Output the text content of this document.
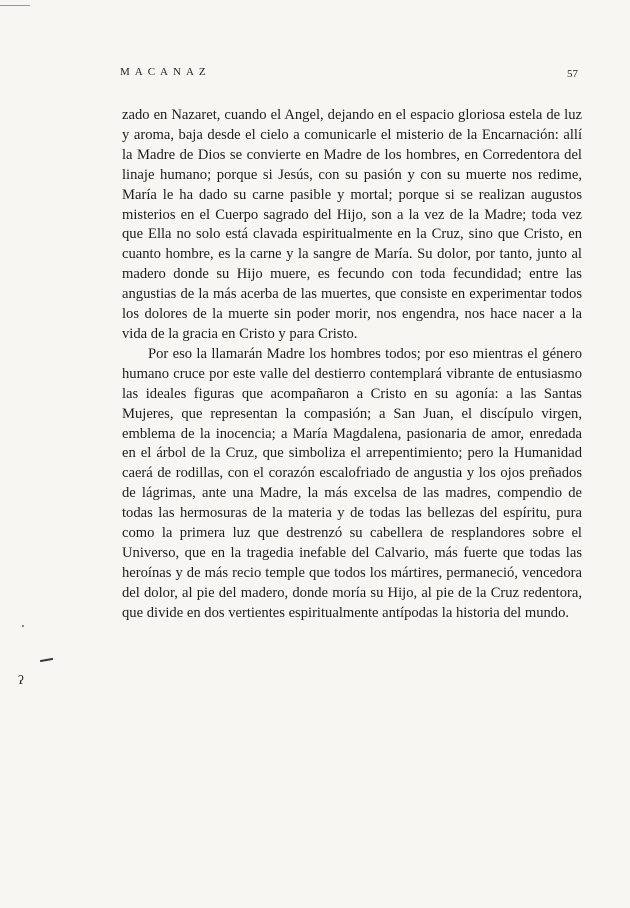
MACANAZ	57

zado en Nazaret, cuando el Angel, dejando en el espacio gloriosa estela de luz y aroma, baja desde el cielo a comunicarle el misterio de la Encarnación: allí la Madre de Dios se convierte en Madre de los hombres, en Corredentora del linaje humano; porque si Jesús, con su pasión y con su muerte nos redime, María le ha dado su carne pasible y mortal; porque si se realizan augustos misterios en el Cuerpo sagrado del Hijo, son a la vez de la Madre; toda vez que Ella no solo está clavada espiritualmente en la Cruz, sino que Cristo, en cuanto hombre, es la carne y la sangre de María. Su dolor, por tanto, junto al madero donde su Hijo muere, es fecundo con toda fecundidad; entre las angustias de la más acerba de las muertes, que consiste en experimentar todos los dolores de la muerte sin poder morir, nos engendra, nos hace nacer a la vida de la gracia en Cristo y para Cristo.

Por eso la llamarán Madre los hombres todos; por eso mientras el género humano cruce por este valle del destierro contemplará vibrante de entusiasmo las ideales figuras que acompañaron a Cristo en su agonía: a las Santas Mujeres, que representan la compasión; a San Juan, el discípulo virgen, emblema de la inocencia; a María Magdalena, pasionaria de amor, enredada en el árbol de la Cruz, que simboliza el arrepentimiento; pero la Humanidad caerá de rodillas, con el corazón escalofriado de angustia y los ojos preñados de lágrimas, ante una Madre, la más excelsa de las madres, compendio de todas las hermosuras de la materia y de todas las bellezas del espíritu, pura como la primera luz que destrenzó su cabellera de resplandores sobre el Universo, que en la tragedia inefable del Calvario, más fuerte que todas las heroínas y de más recio temple que todos los mártires, permaneció, vencedora del dolor, al pie del madero, donde moría su Hijo, al pie de la Cruz redentora, que divide en dos vertientes espiritualmente antípodas la historia del mundo.

ʔ
